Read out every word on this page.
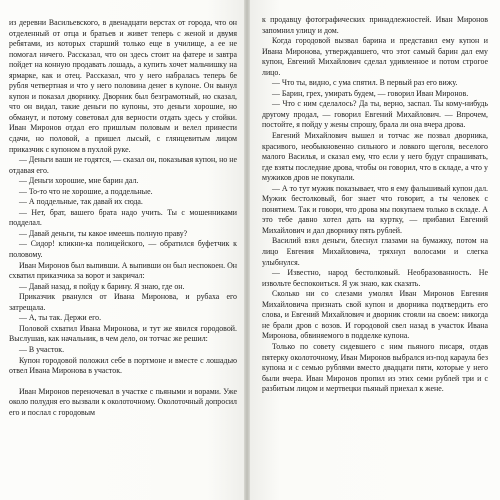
из деревни Васильевского, в двенадцати верстах от города, что он отделенный от отца и братьев и живет теперь с женой и двумя ребятами, из которых старший только еще в училище, а ее не помогал ничего. Рассказал, что он здесь стоит на фатере и завтра пойдет на конную продавать лошадь, а купить хочет мальчишку на ярмарке, как и отец. Рассказал, что у него набралась теперь бе рубля четвертная и что у него половина денег в купоне. Он вынул купон и показал дворнику. Дворник был безграмотный, но сказал, что он видал, такие деньги по купоны, это деньги хорошие, но обманут, и потому советовал для верности отдать здесь у стойки. Иван Миронов отдал его пришлым половым и велел принести сдачи, но половой, а пришел лысый, с глянцевитым лицом приказчик с купоном в пухлой руке.

— Деньги ваши не годятся, — сказал он, показывая купон, но не отдавая его.

— Деньги хорошие, мне барин дал.

— То-то что не хорошие, а поддельные.

— А поддельные, так давай их сюда.

— Нет, брат, вашего брата надо учить. Ты с мошенниками подделал.

— Давай деньги, ты какое имеешь полную праву?

— Сидор! кликни-ка полицейского, — обратился буфетчик к половому.

Иван Миронов был выпивши. А выпивши он был неспокоен. Он схватил приказчика за ворот и закричал:

— Давай назад, я пойду к барину. Я знаю, где он.

Приказчик рванулся от Ивана Миронова, и рубаха его затрещала.

— А, ты так. Держи его.

Половой схватил Ивана Миронова, и тут же явился городовой. Выслушав, как начальник, в чем дело, он тотчас же решил:

— В участок.

Купон городовой положил себе в портмоне и вместе с лошадью отвел Ивана Миронова в участок.

Иван Миронов переночевал в участке с пьяными и ворами. Уже около полудня его вызвали к околоточному. Околоточный допросил его и послал с городовым

к продавцу фотографических принадлежностей. Иван Миронов запомнил улицу и дом.

Когда городовой вызвал барина и представил ему купон и Ивана Миронова, утверждавшего, что этот самый барин дал ему купон, Евгений Михайлович сделал удивленное и потом строгое лицо.

— Что ты, видно, с ума спятил. В первый раз его вижу.

— Барин, грех, умирать будем, — говорил Иван Миронов.

— Что с ним сделалось? Да ты, верно, заспал. Ты кому-нибудь другому продал, — говорил Евгений Михайлович. — Впрочем, постойте, я пойду у жены спрошу, брала ли она вчера дрова.

Евгений Михайлович вышел и тотчас же позвал дворника, красивого, необыкновенно сильного и ловкого щеголя, веселого малого Василья, и сказал ему, что если у него будут спрашивать, где взяты последние дрова, чтобы он говорил, что в складе, а что у мужиков дров не покупали.

— А то тут мужик показывает, что я ему фальшивый купон дал. Мужик бестолковый, бог знает что говорит, а ты человек с понятием. Так и говори, что дрова мы покупаем только в складе. А это тебе давно хотел дать на куртку, — прибавил Евгений Михайлович и дал дворнику пять рублей.

Василий взял деньги, блеснул глазами на бумажку, потом на лицо Евгения Михайловича, тряхнул волосами и слегка улыбнулся.

— Известно, народ бестолковый. Необразованность. Не извольте беспокоиться. Я уж знаю, как сказать.

Сколько ни со слезами умолял Иван Миронов Евгения Михайловича признать свой купон и дворника подтвердить его слова, и Евгений Михайлович и дворник стояли на своем: никогда не брали дров с возов. И городовой свел назад в участок Ивана Миронова, обвиняемого в подделке купона.

Только по совету сидевшего с ним пьяного писаря, отдав пятерку околоточному, Иван Миронов выбрался из-под караула без купона и с семью рублями вместо двадцати пяти, которые у него были вчера. Иван Миронов пропил из этих семи рублей три и с разбитым лицом и мертвецки пьяный приехал к жене.
